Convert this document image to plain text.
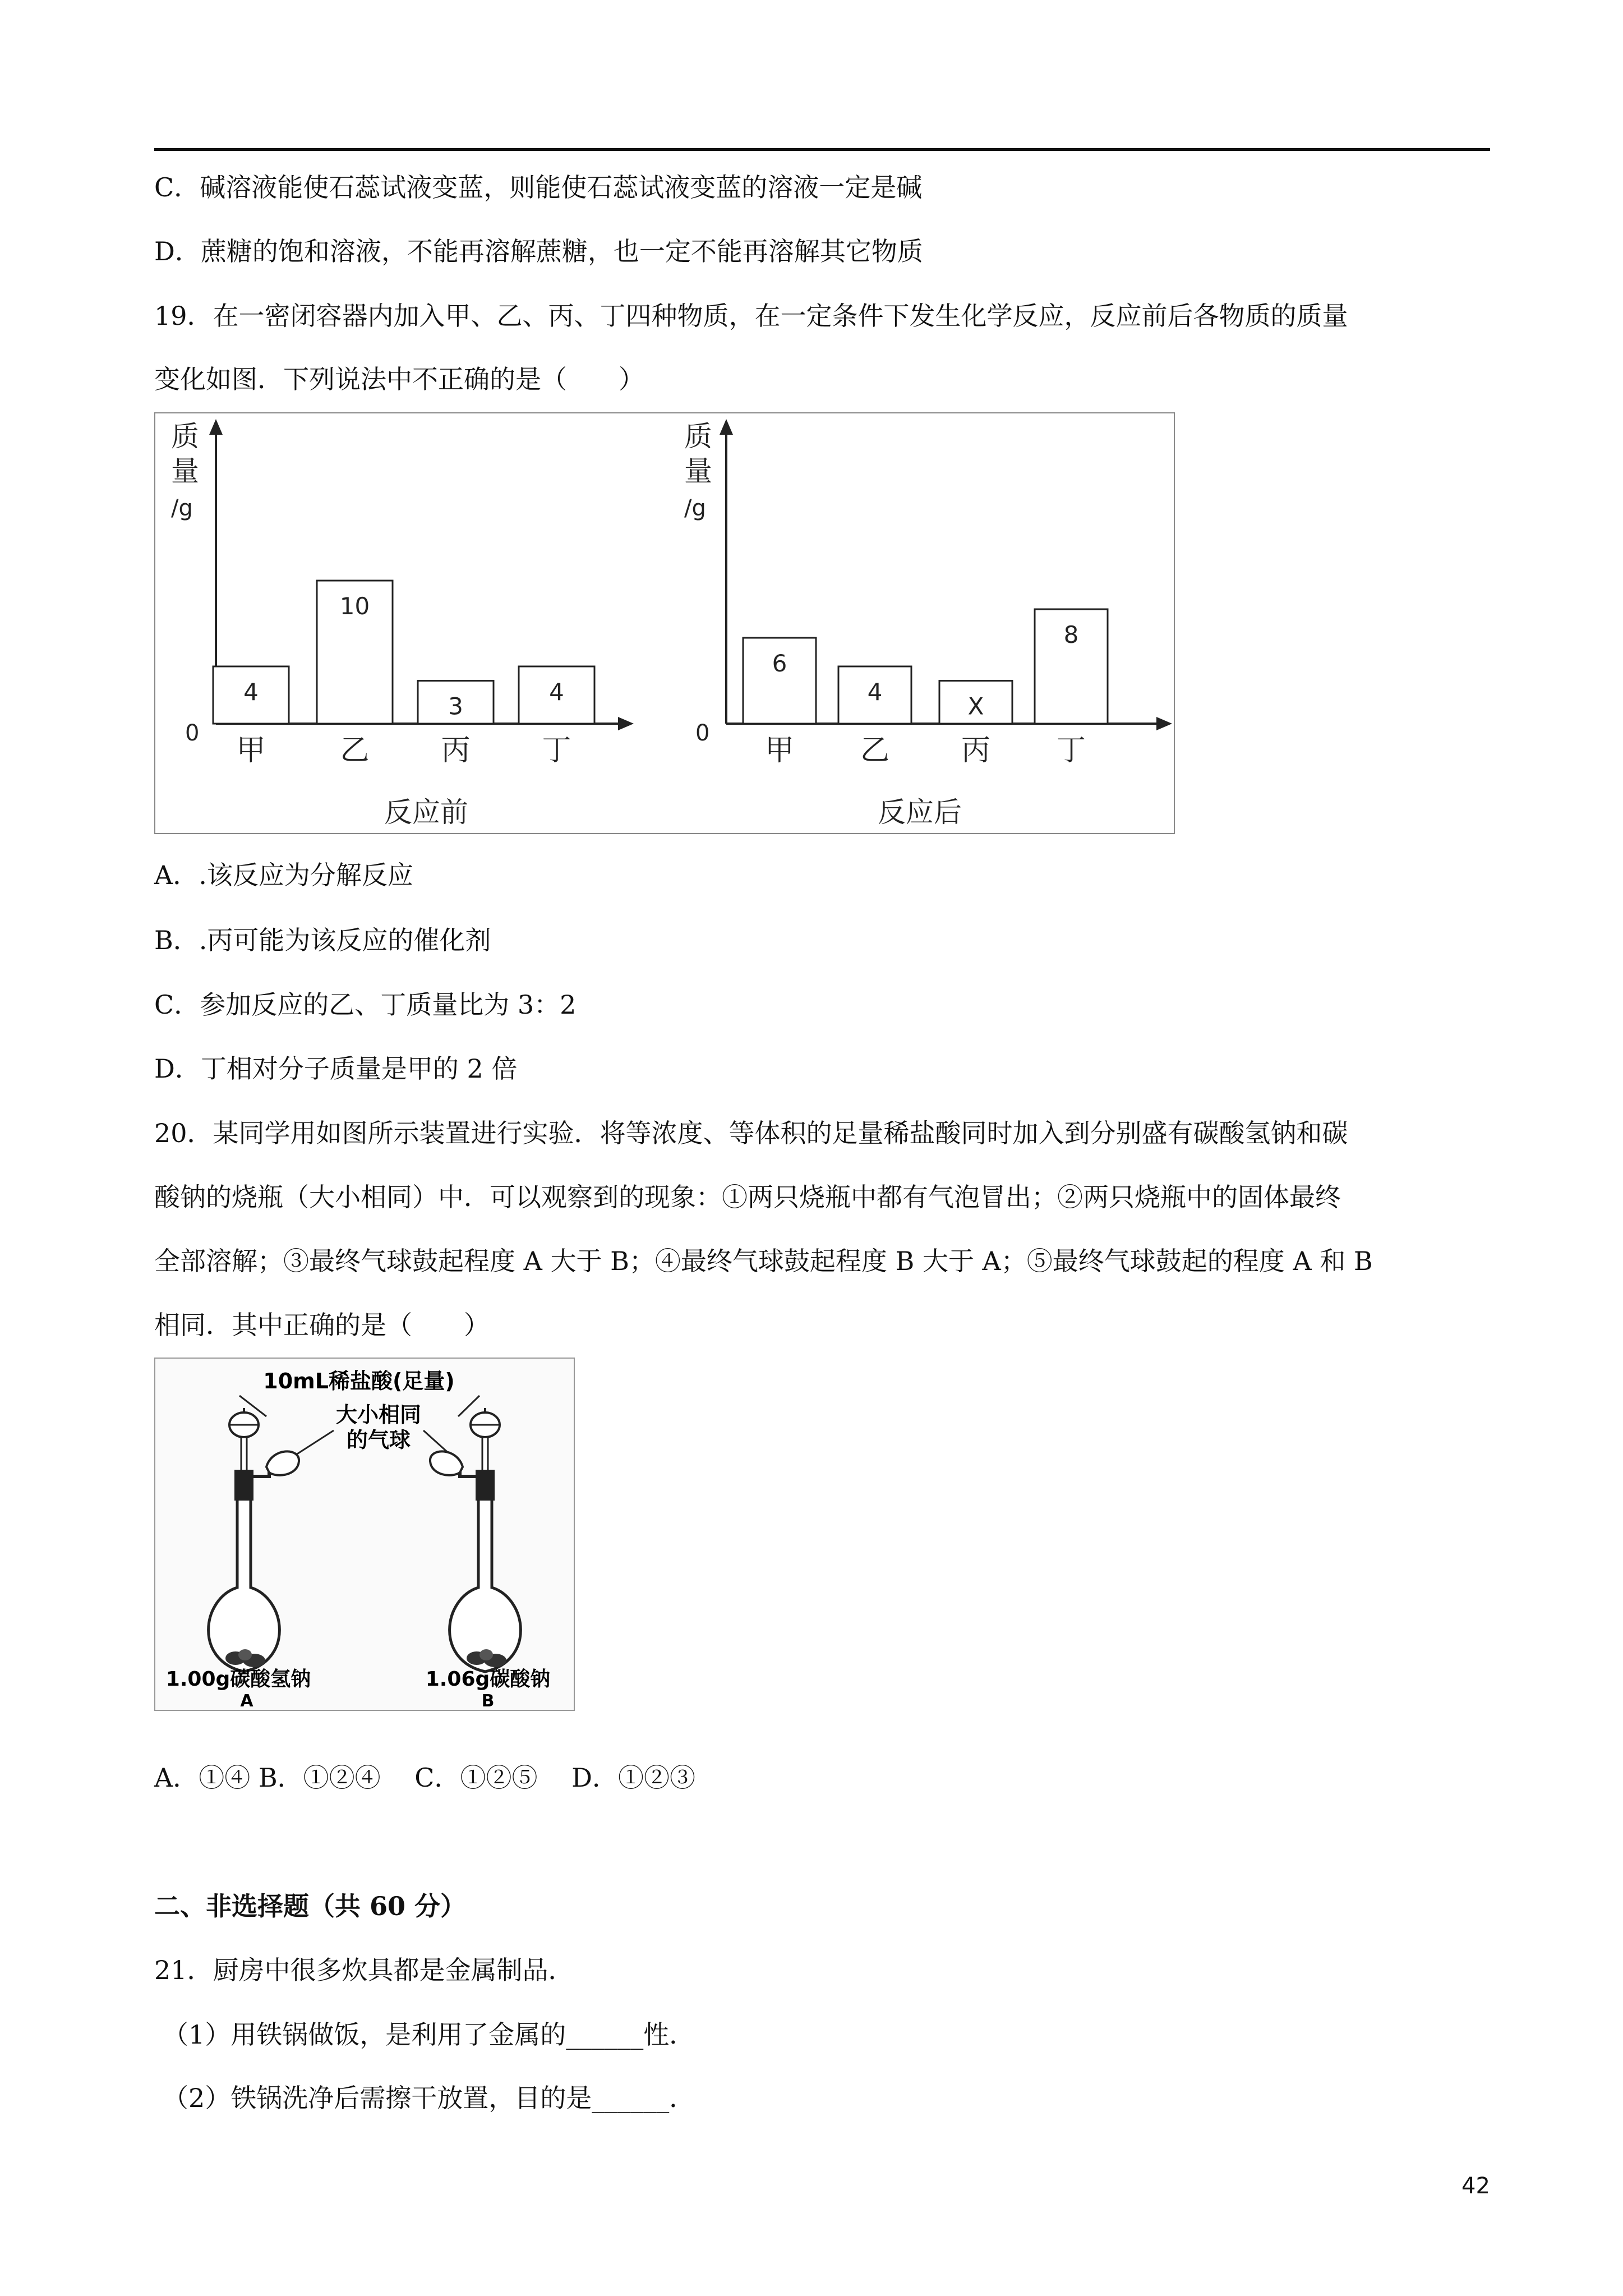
C．碱溶液能使石蕊试液变蓝，则能使石蕊试液变蓝的溶液一定是碱
D．蔗糖的饱和溶液，不能再溶解蔗糖，也一定不能再溶解其它物质
19．在一密闭容器内加入甲、乙、丙、丁四种物质，在一定条件下发生化学反应，反应前后各物质的质量
变化如图．下列说法中不正确的是（　　）
质
量
/g
0
4
甲
10
乙
3
丙
4
丁
反应前
质
量
/g
0
6
甲
4
乙
X
丙
8
丁
反应后
A．.该反应为分解反应
B．.丙可能为该反应的催化剂
C．参加反应的乙、丁质量比为 3：2
D．丁相对分子质量是甲的 2 倍
20．某同学用如图所示装置进行实验．将等浓度、等体积的足量稀盐酸同时加入到分别盛有碳酸氢钠和碳
酸钠的烧瓶（大小相同）中．可以观察到的现象：①两只烧瓶中都有气泡冒出；②两只烧瓶中的固体最终
全部溶解；③最终气球鼓起程度 A 大于 B；④最终气球鼓起程度 B 大于 A；⑤最终气球鼓起的程度 A 和 B
相同．其中正确的是（　　）
10mL稀盐酸(足量)
大小相同
的气球
1.00g碳酸氢钠
A
1.06g碳酸钠
B
A．①④ B．①②④　 C．①②⑤　 D．①②③
二、非选择题（共 60 分）
21．厨房中很多炊具都是金属制品．
（1）用铁锅做饭，是利用了金属的______性．
（2）铁锅洗净后需擦干放置，目的是______．
42
